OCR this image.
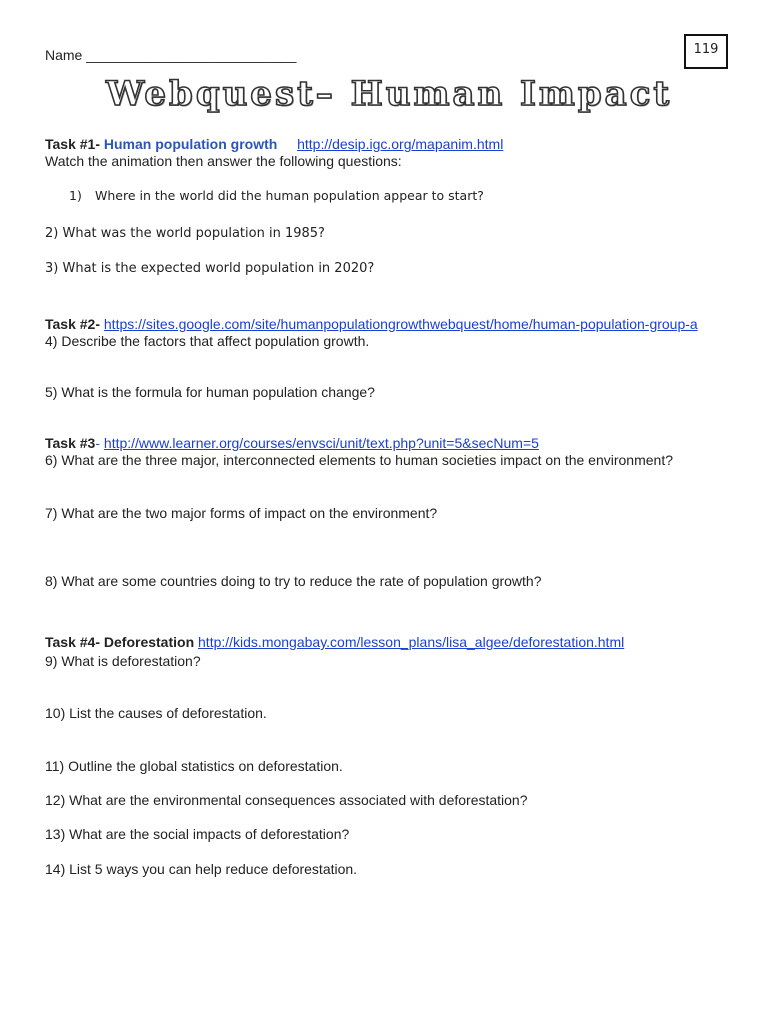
Name ___________________________	119
Webquest– Human Impact
Task #1- Human population growth http://desip.igc.org/mapanim.html
Watch the animation then answer the following questions:
1) Where in the world did the human population appear to start?
2) What was the world population in 1985?
3) What is the expected world population in 2020?
Task #2- https://sites.google.com/site/humanpopulationgrowthwebquest/home/human-population-group-a
4) Describe the factors that affect population growth.
5) What is the formula for human population change?
Task #3- http://www.learner.org/courses/envsci/unit/text.php?unit=5&secNum=5
6) What are the three major, interconnected elements to human societies impact on the environment?
7) What are the two major forms of impact on the environment?
8) What are some countries doing to try to reduce the rate of population growth?
Task #4- Deforestation http://kids.mongabay.com/lesson_plans/lisa_algee/deforestation.html
9) What is deforestation?
10) List the causes of deforestation.
11) Outline the global statistics on deforestation.
12) What are the environmental consequences associated with deforestation?
13) What are the social impacts of deforestation?
14) List 5 ways you can help reduce deforestation.
